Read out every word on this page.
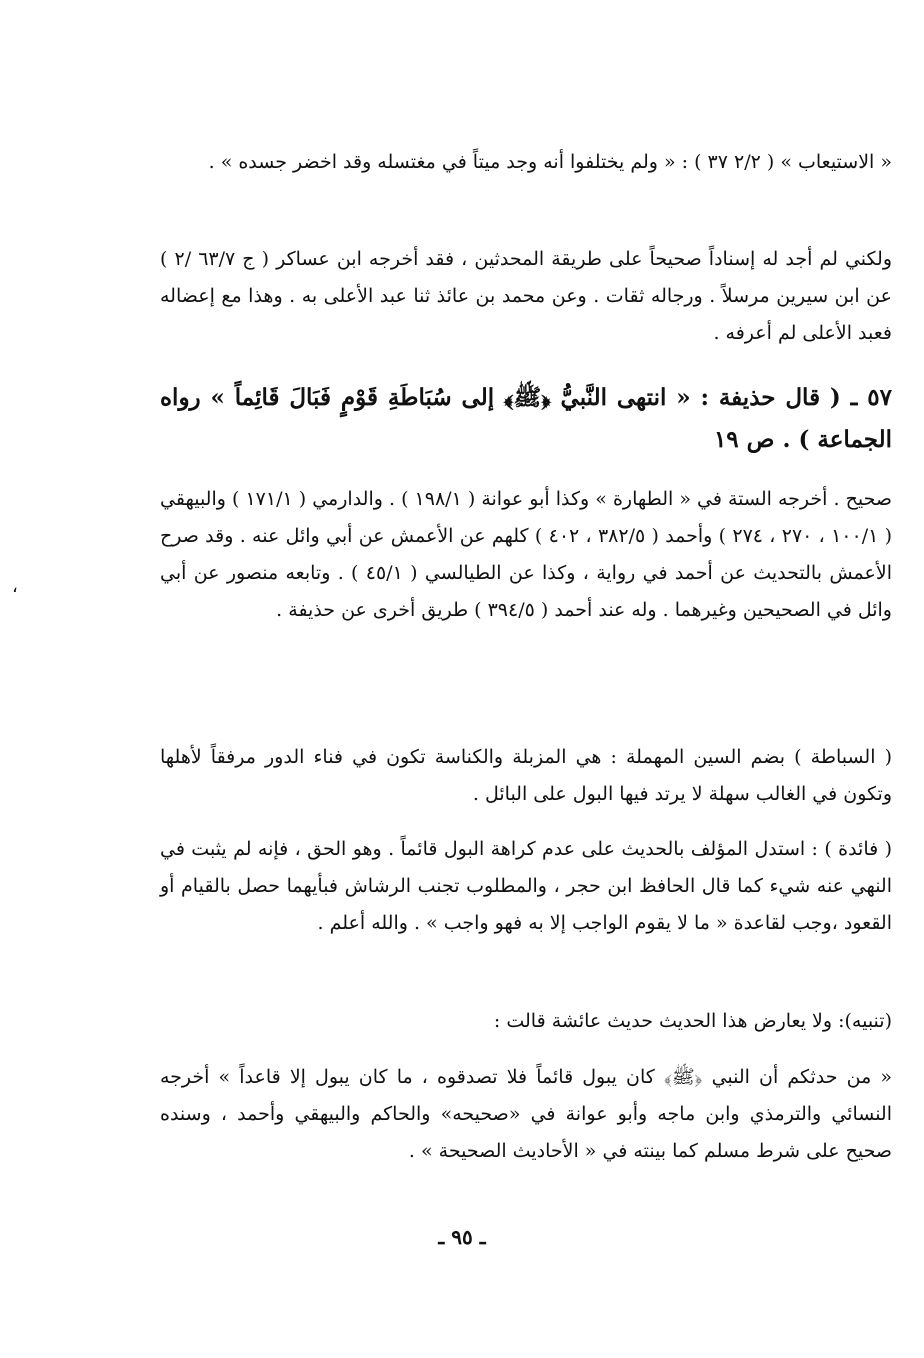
« الاستيعاب » ( ٢/٢ ٣٧ ) : « ولم يختلفوا أنه وجد ميتاً في مغتسله وقد اخضر جسده » .

ولكني لم أجد له إسناداً صحيحاً على طريقة المحدثين ، فقد أخرجه ابن عساكر ( ج ٦٣/٧ /٢ ) عن ابن سيرين مرسلاً . ورجاله ثقات . وعن محمد بن عائذ ثنا عبد الأعلى به . وهذا مع إعضاله فعبد الأعلى لم أعرفه .

٥٧ ـ ( قال حذيفة : « انتهى النَّبيُّ ﴿ﷺ﴾ إلى سُبَاطَةِ قَوْمٍ فَبَالَ قَائِماً » رواه الجماعة ) . ص ١٩

صحيح . أخرجه الستة في « الطهارة » وكذا أبو عوانة ( ١٩٨/١ ) . والدارمي ( ١٧١/١ ) والبيهقي ( ١٠٠/١ ، ٢٧٠ ، ٢٧٤ ) وأحمد ( ٣٨٢/٥ ، ٤٠٢ ) كلهم عن الأعمش عن أبي وائل عنه . وقد صرح الأعمش بالتحديث عن أحمد في رواية ، وكذا عن الطيالسي ( ٤٥/١ ) . وتابعه منصور عن أبي وائل في الصحيحين وغيرهما . وله عند أحمد ( ٣٩٤/٥ ) طريق أخرى عن حذيفة .

( السباطة ) بضم السين المهملة : هي المزبلة والكناسة تكون في فناء الدور مرفقاً لأهلها وتكون في الغالب سهلة لا يرتد فيها البول على البائل .

( فائدة ) : استدل المؤلف بالحديث على عدم كراهة البول قائماً . وهو الحق ، فإنه لم يثبت في النهي عنه شيء كما قال الحافظ ابن حجر ، والمطلوب تجنب الرشاش فبأيهما حصل بالقيام أو القعود ،وجب لقاعدة « ما لا يقوم الواجب إلا به فهو واجب » . والله أعلم .

(تنبيه): ولا يعارض هذا الحديث حديث عائشة قالت :

« من حدثكم أن النبي ﴿ﷺ﴾ كان يبول قائماً فلا تصدقوه ، ما كان يبول إلا قاعداً » أخرجه النسائي والترمذي وابن ماجه وأبو عوانة في «صحيحه» والحاكم والبيهقي وأحمد ، وسنده صحيح على شرط مسلم كما بينته في « الأحاديث الصحيحة » .

،
ـ ٩٥ ـ
